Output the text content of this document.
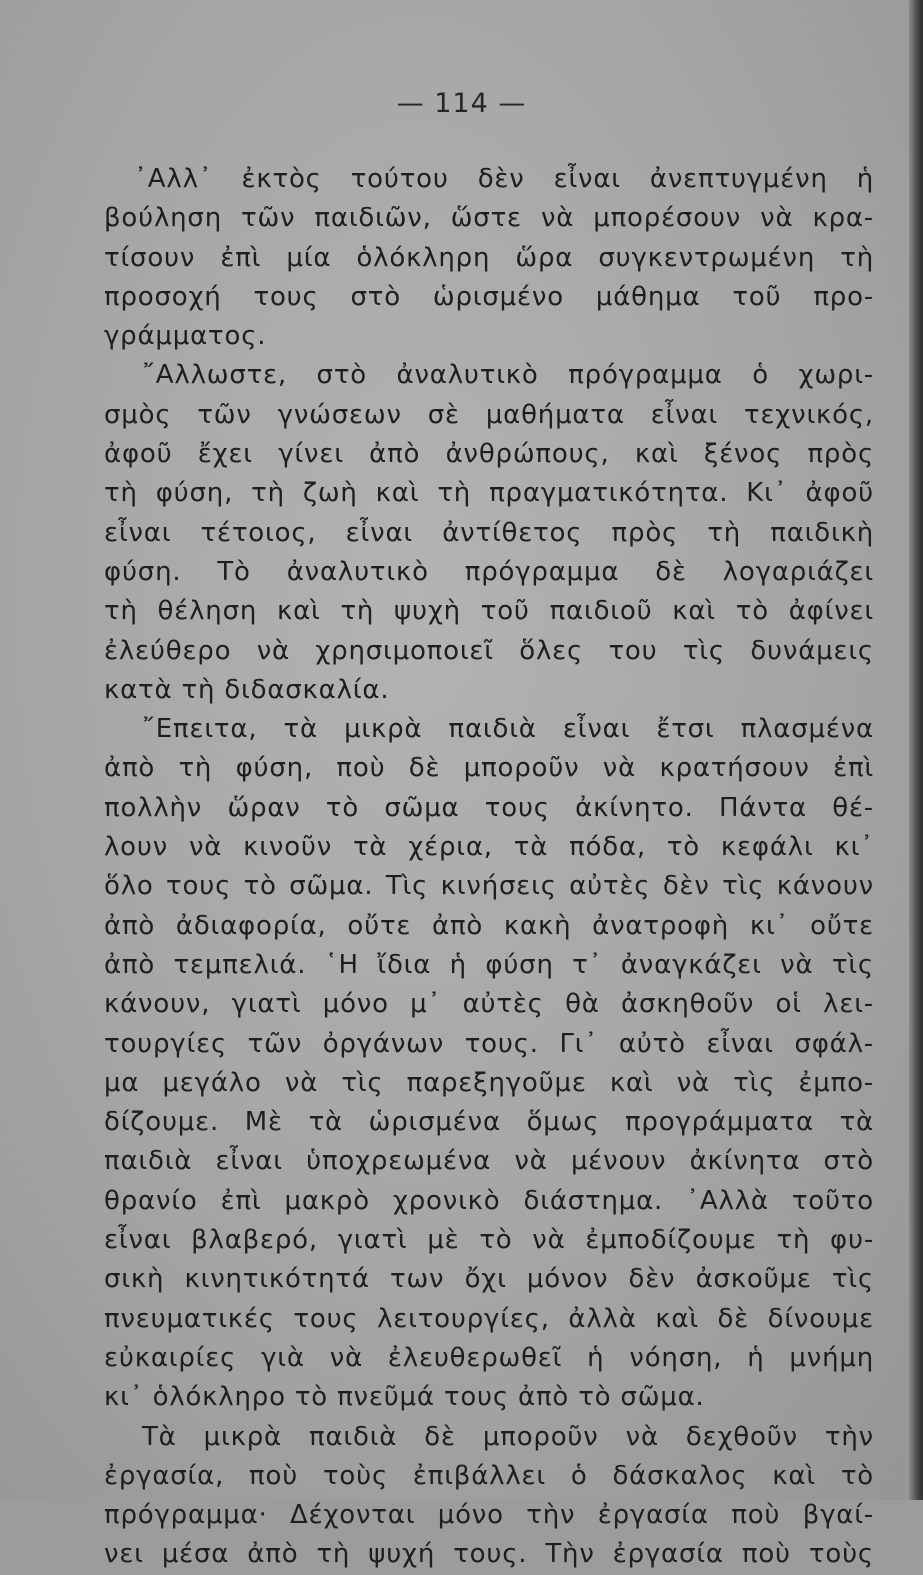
— 114 —
᾿Αλλ᾿ ἐκτὸς τούτου δὲν εἶναι ἀνεπτυγμένη ἡ
βούληση τῶν παιδιῶν, ὥστε νὰ μπορέσουν νὰ κρα-
τίσουν ἐπὶ μία ὁλόκληρη ὥρα συγκεντρωμένη τὴ
προσοχή τους στὸ ὡρισμένο μάθημα τοῦ προ-
γράμματος.
῎Αλλωστε, στὸ ἀναλυτικὸ πρόγραμμα ὁ χωρι-
σμὸς τῶν γνώσεων σὲ μαθήματα εἶναι τεχνικός,
ἀφοῦ ἔχει γίνει ἀπὸ ἀνθρώπους, καὶ ξένος πρὸς
τὴ φύση, τὴ ζωὴ καὶ τὴ πραγματικότητα. Κι᾿ ἀφοῦ
εἶναι τέτοιος, εἶναι ἀντίθετος πρὸς τὴ παιδικὴ
φύση. Τὸ ἀναλυτικὸ πρόγραμμα δὲ λογαριάζει
τὴ θέληση καὶ τὴ ψυχὴ τοῦ παιδιοῦ καὶ τὸ ἀφίνει
ἐλεύθερο νὰ χρησιμοποιεῖ ὅλες του τὶς δυνάμεις
κατὰ τὴ διδασκαλία.
῎Επειτα, τὰ μικρὰ παιδιὰ εἶναι ἔτσι πλασμένα
ἀπὸ τὴ φύση, ποὺ δὲ μποροῦν νὰ κρατήσουν ἐπὶ
πολλὴν ὥραν τὸ σῶμα τους ἀκίνητο. Πάντα θέ-
λουν νὰ κινοῦν τὰ χέρια, τὰ πόδα, τὸ κεφάλι κι᾿
ὅλο τους τὸ σῶμα. Τὶς κινήσεις αὐτὲς δὲν τὶς κάνουν
ἀπὸ ἀδιαφορία, οὔτε ἀπὸ κακὴ ἀνατροφὴ κι᾿ οὔτε
ἀπὸ τεμπελιά. ῾Η ἴδια ἡ φύση τ᾿ ἀναγκάζει νὰ τὶς
κάνουν, γιατὶ μόνο μ᾿ αὐτὲς θὰ ἀσκηθοῦν οἱ λει-
τουργίες τῶν ὀργάνων τους. Γι᾿ αὐτὸ εἶναι σφάλ-
μα μεγάλο νὰ τὶς παρεξηγοῦμε καὶ νὰ τὶς ἐμπο-
δίζουμε. Μὲ τὰ ὡρισμένα ὅμως προγράμματα τὰ
παιδιὰ εἶναι ὑποχρεωμένα νὰ μένουν ἀκίνητα στὸ
θρανίο ἐπὶ μακρὸ χρονικὸ διάστημα. ᾿Αλλὰ τοῦτο
εἶναι βλαβερό, γιατὶ μὲ τὸ νὰ ἐμποδίζουμε τὴ φυ-
σικὴ κινητικότητά των ὄχι μόνον δὲν ἀσκοῦμε τὶς
πνευματικές τους λειτουργίες, ἀλλὰ καὶ δὲ δίνουμε
εὐκαιρίες γιὰ νὰ ἐλευθερωθεῖ ἡ νόηση, ἡ μνήμη
κι᾿ ὁλόκληρο τὸ πνεῦμά τους ἀπὸ τὸ σῶμα.
Τὰ μικρὰ παιδιὰ δὲ μποροῦν νὰ δεχθοῦν τὴν
ἐργασία, ποὺ τοὺς ἐπιβάλλει ὁ δάσκαλος καὶ τὸ
πρόγραμμα· Δέχονται μόνο τὴν ἐργασία ποὺ βγαί-
νει μέσα ἀπὸ τὴ ψυχή τους. Τὴν ἐργασία ποὺ τοὺς
